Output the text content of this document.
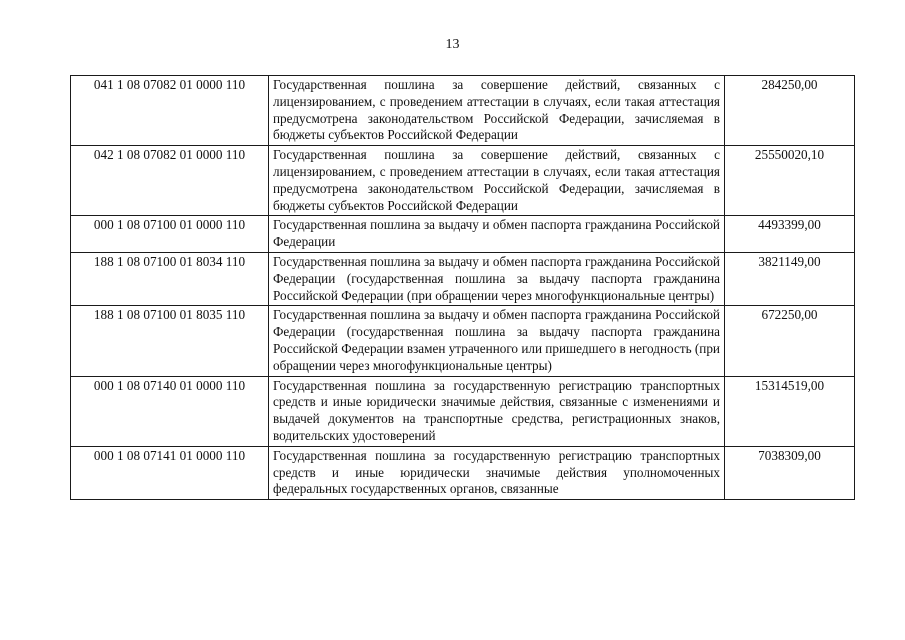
13
041 1 08 07082 01 0000 110	Государственная пошлина за совершение действий, связанных с лицензированием, с проведением аттестации в случаях, если такая аттестация предусмотрена законодательством Российской Федерации, зачисляемая в бюджеты субъектов Российской Федерации	284250,00
042 1 08 07082 01 0000 110	Государственная пошлина за совершение действий, связанных с лицензированием, с проведением аттестации в случаях, если такая аттестация предусмотрена законодательством Российской Федерации, зачисляемая в бюджеты субъектов Российской Федерации	25550020,10
000 1 08 07100 01 0000 110	Государственная пошлина за выдачу и обмен паспорта гражданина Российской Федерации	4493399,00
188 1 08 07100 01 8034 110	Государственная пошлина за выдачу и обмен паспорта гражданина Российской Федерации (государственная пошлина за выдачу паспорта гражданина Российской Федерации (при обращении через многофункциональные центры)	3821149,00
188 1 08 07100 01 8035 110	Государственная пошлина за выдачу и обмен паспорта гражданина Российской Федерации (государственная пошлина за выдачу паспорта гражданина Российской Федерации взамен утраченного или пришедшего в негодность (при обращении через многофункциональные центры)	672250,00
000 1 08 07140 01 0000 110	Государственная пошлина за государственную регистрацию транспортных средств и иные юридически значимые действия, связанные с изменениями и выдачей документов на транспортные средства, регистрационных знаков, водительских удостоверений	15314519,00
000 1 08 07141 01 0000 110	Государственная пошлина за государственную регистрацию транспортных средств и иные юридически значимые действия уполномоченных федеральных государственных органов, связанные	7038309,00
